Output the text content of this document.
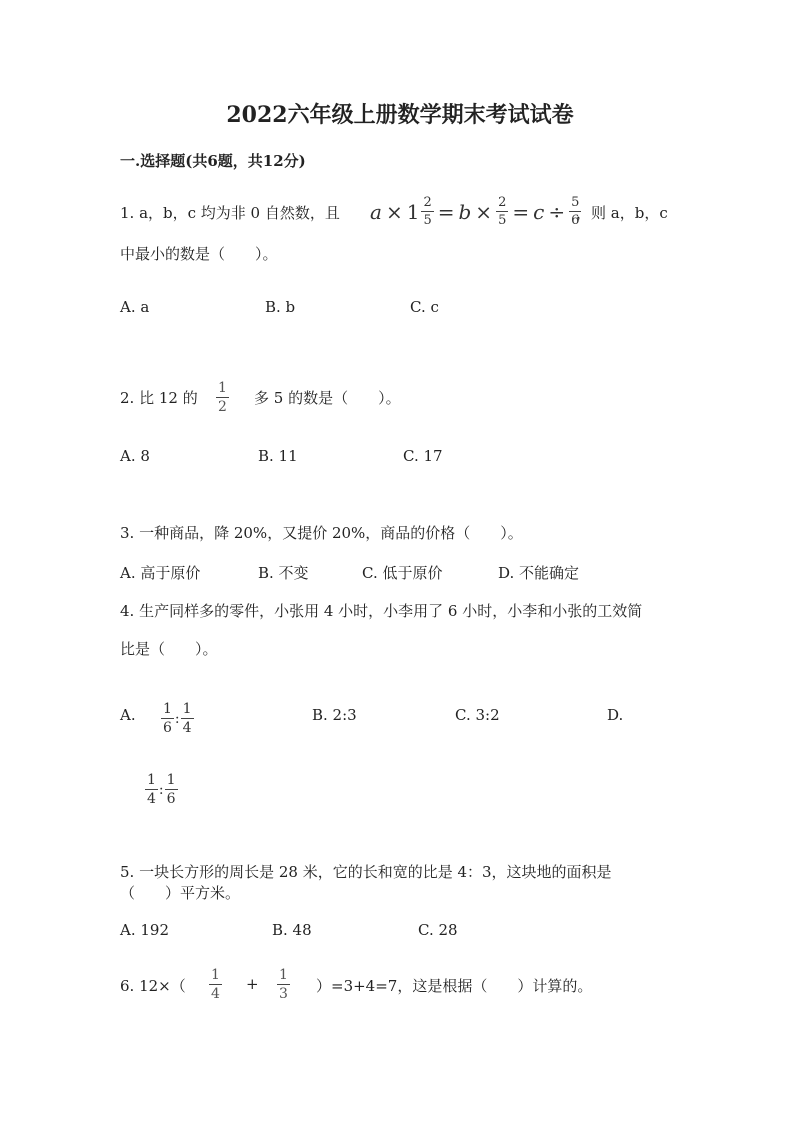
2022六年级上册数学期末考试试卷
一.选择题(共6题，共12分)
1. a，b，c 均为非 0 自然数，且 $a \times 1 \frac{2}{5} = b \times \frac{2}{5} = c \div \frac{5}{6}$
，则 a，b，c
中最小的数是（　　）。
A. a	B. b	C. c
2. 比 12 的 $\frac{1}{2}$ 多 5 的数是（　　）。
A. 8	B. 11	C. 17
3. 一种商品，降 20%，又提价 20%，商品的价格（　　）。
A. 高于原价	B. 不变	C. 低于原价	D. 不能确定
4. 生产同样多的零件，小张用 4 小时，小李用了 6 小时，小李和小张的工效简
比是（　　）。
A. $\frac{1}{6}$ : $\frac{1}{4}$	B. 2:3	C. 3:2	D.
$\frac{1}{4}$ : $\frac{1}{6}$
5. 一块长方形的周长是 28 米，它的长和宽的比是 4：3，这块地的面积是
（　　）平方米。
A. 192	B. 48	C. 28
6. $12\times( \frac{1}{4} + \frac{1}{3} )=3+4=7$，这是根据（　　）计算的。
